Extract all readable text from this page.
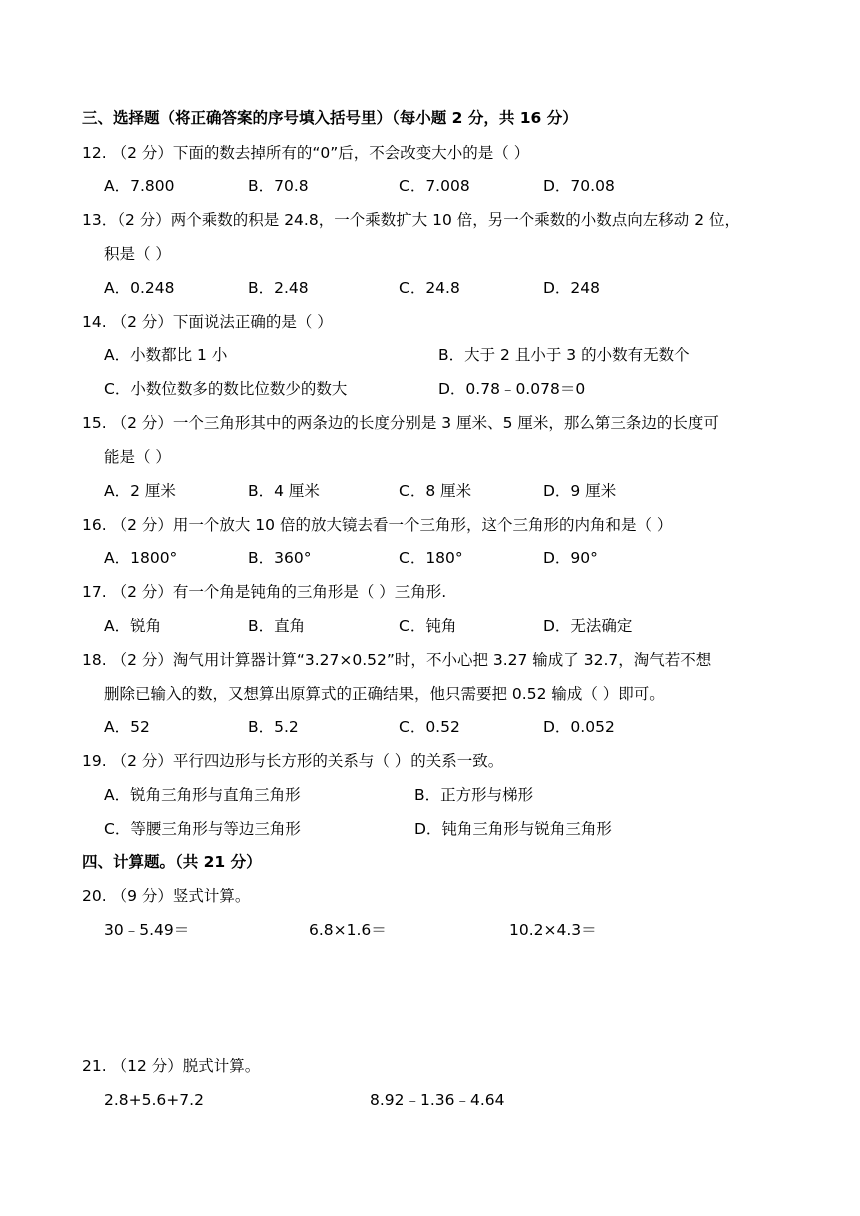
三、选择题（将正确答案的序号填入括号里）（每小题 2 分，共 16 分）
12. （2 分）下面的数去掉所有的“0”后，不会改变大小的是（ ）
A．7.800	B．70.8	C．7.008	D．70.08
13．（2 分）两个乘数的积是 24.8，一个乘数扩大 10 倍，另一个乘数的小数点向左移动 2 位，
积是（ ）
A．0.248	B．2.48	C．24.8	D．248
14. （2 分）下面说法正确的是（ ）
A．小数都比 1 小	B．大于 2 且小于 3 的小数有无数个
C．小数位数多的数比位数少的数大	D．0.78﹣0.078＝0
15. （2 分）一个三角形其中的两条边的长度分别是 3 厘米、5 厘米，那么第三条边的长度可
能是（ ）
A．2 厘米	B．4 厘米	C．8 厘米	D．9 厘米
16. （2 分）用一个放大 10 倍的放大镜去看一个三角形，这个三角形的内角和是（ ）
A．1800°	B．360°	C．180°	D．90°
17. （2 分）有一个角是钝角的三角形是（ ）三角形.
A．锐角	B．直角	C．钝角	D．无法确定
18. （2 分）淘气用计算器计算“3.27×0.52”时，不小心把 3.27 输成了 32.7，淘气若不想
删除已输入的数，又想算出原算式的正确结果，他只需要把 0.52 输成（ ）即可。
A．52	B．5.2	C．0.52	D．0.052
19. （2 分）平行四边形与长方形的关系与（ ）的关系一致。
A．锐角三角形与直角三角形	B．正方形与梯形
C．等腰三角形与等边三角形	D．钝角三角形与锐角三角形
四、计算题。（共 21 分）
20. （9 分）竖式计算。
30﹣5.49＝	6.8×1.6＝	10.2×4.3＝
21. （12 分）脱式计算。
2.8+5.6+7.2	8.92﹣1.36﹣4.64
